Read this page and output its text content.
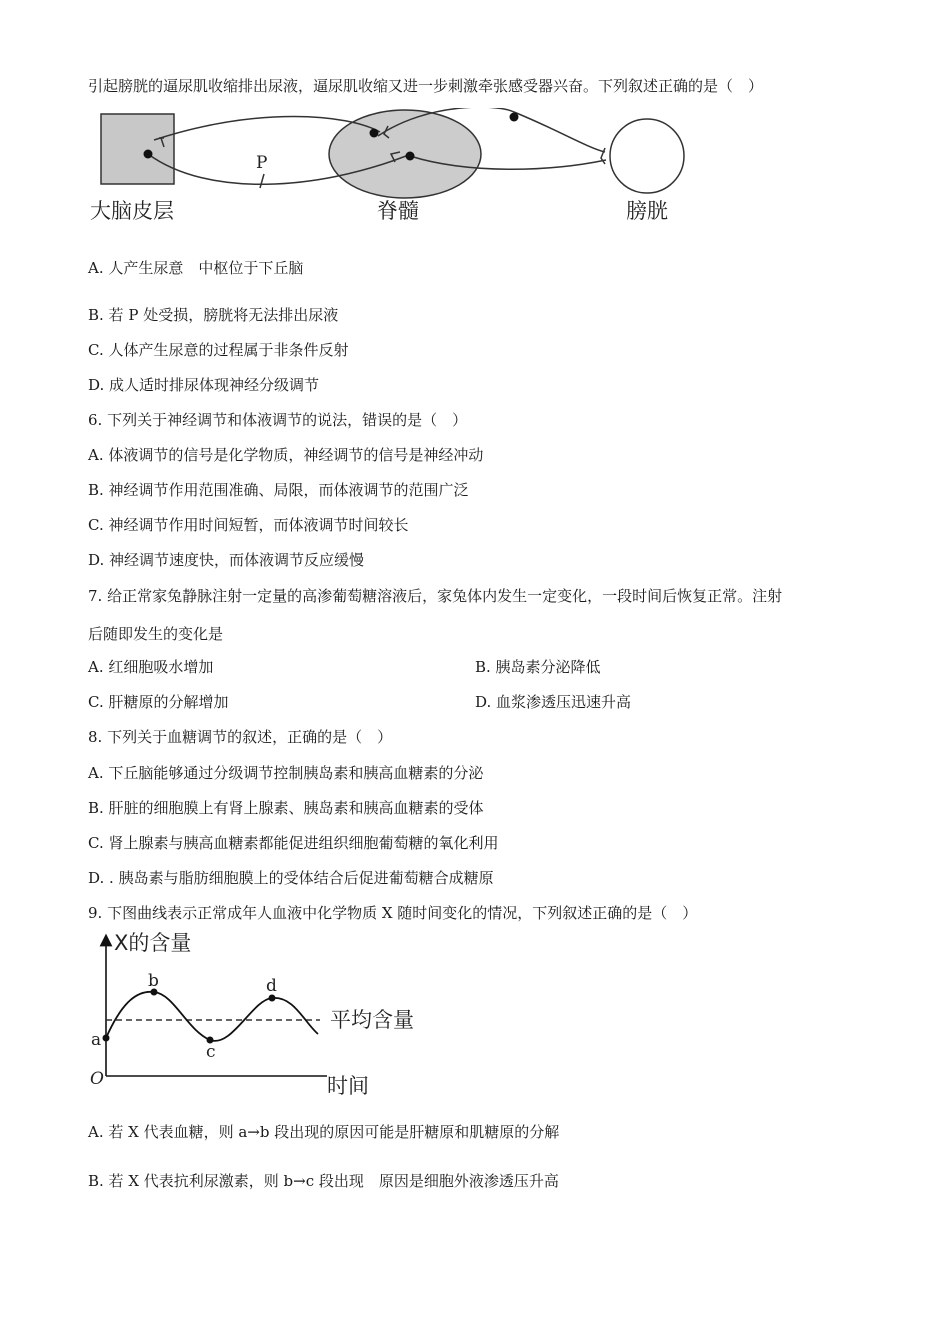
引起膀胱的逼尿肌收缩排出尿液，逼尿肌收缩又进一步刺激牵张感受器兴奋。下列叙述正确的是（　）
P
大脑皮层	脊髓	膀胱
A. 人产生尿意　中枢位于下丘脑
B. 若 P 处受损，膀胱将无法排出尿液
C. 人体产生尿意的过程属于非条件反射
D. 成人适时排尿体现神经分级调节
6. 下列关于神经调节和体液调节的说法，错误的是（　）
A. 体液调节的信号是化学物质，神经调节的信号是神经冲动
B. 神经调节作用范围准确、局限，而体液调节的范围广泛
C. 神经调节作用时间短暂，而体液调节时间较长
D. 神经调节速度快，而体液调节反应缓慢
7. 给正常家兔静脉注射一定量的高渗葡萄糖溶液后，家兔体内发生一定变化，一段时间后恢复正常。注射
后随即发生的变化是
A. 红细胞吸水增加	B. 胰岛素分泌降低
C. 肝糖原的分解增加	D. 血浆渗透压迅速升高
8. 下列关于血糖调节的叙述，正确的是（　）
A. 下丘脑能够通过分级调节控制胰岛素和胰高血糖素的分泌
B. 肝脏的细胞膜上有肾上腺素、胰岛素和胰高血糖素的受体
C. 肾上腺素与胰高血糖素都能促进组织细胞葡萄糖的氧化利用
D. . 胰岛素与脂肪细胞膜上的受体结合后促进葡萄糖合成糖原
9. 下图曲线表示正常成年人血液中化学物质 X 随时间变化的情况，下列叙述正确的是（　）
X的含量
时间
O
平均含量
a
b
c
d
A. 若 X 代表血糖，则 a→b 段出现的原因可能是肝糖原和肌糖原的分解
B. 若 X 代表抗利尿激素，则 b→c 段出现　原因是细胞外液渗透压升高
